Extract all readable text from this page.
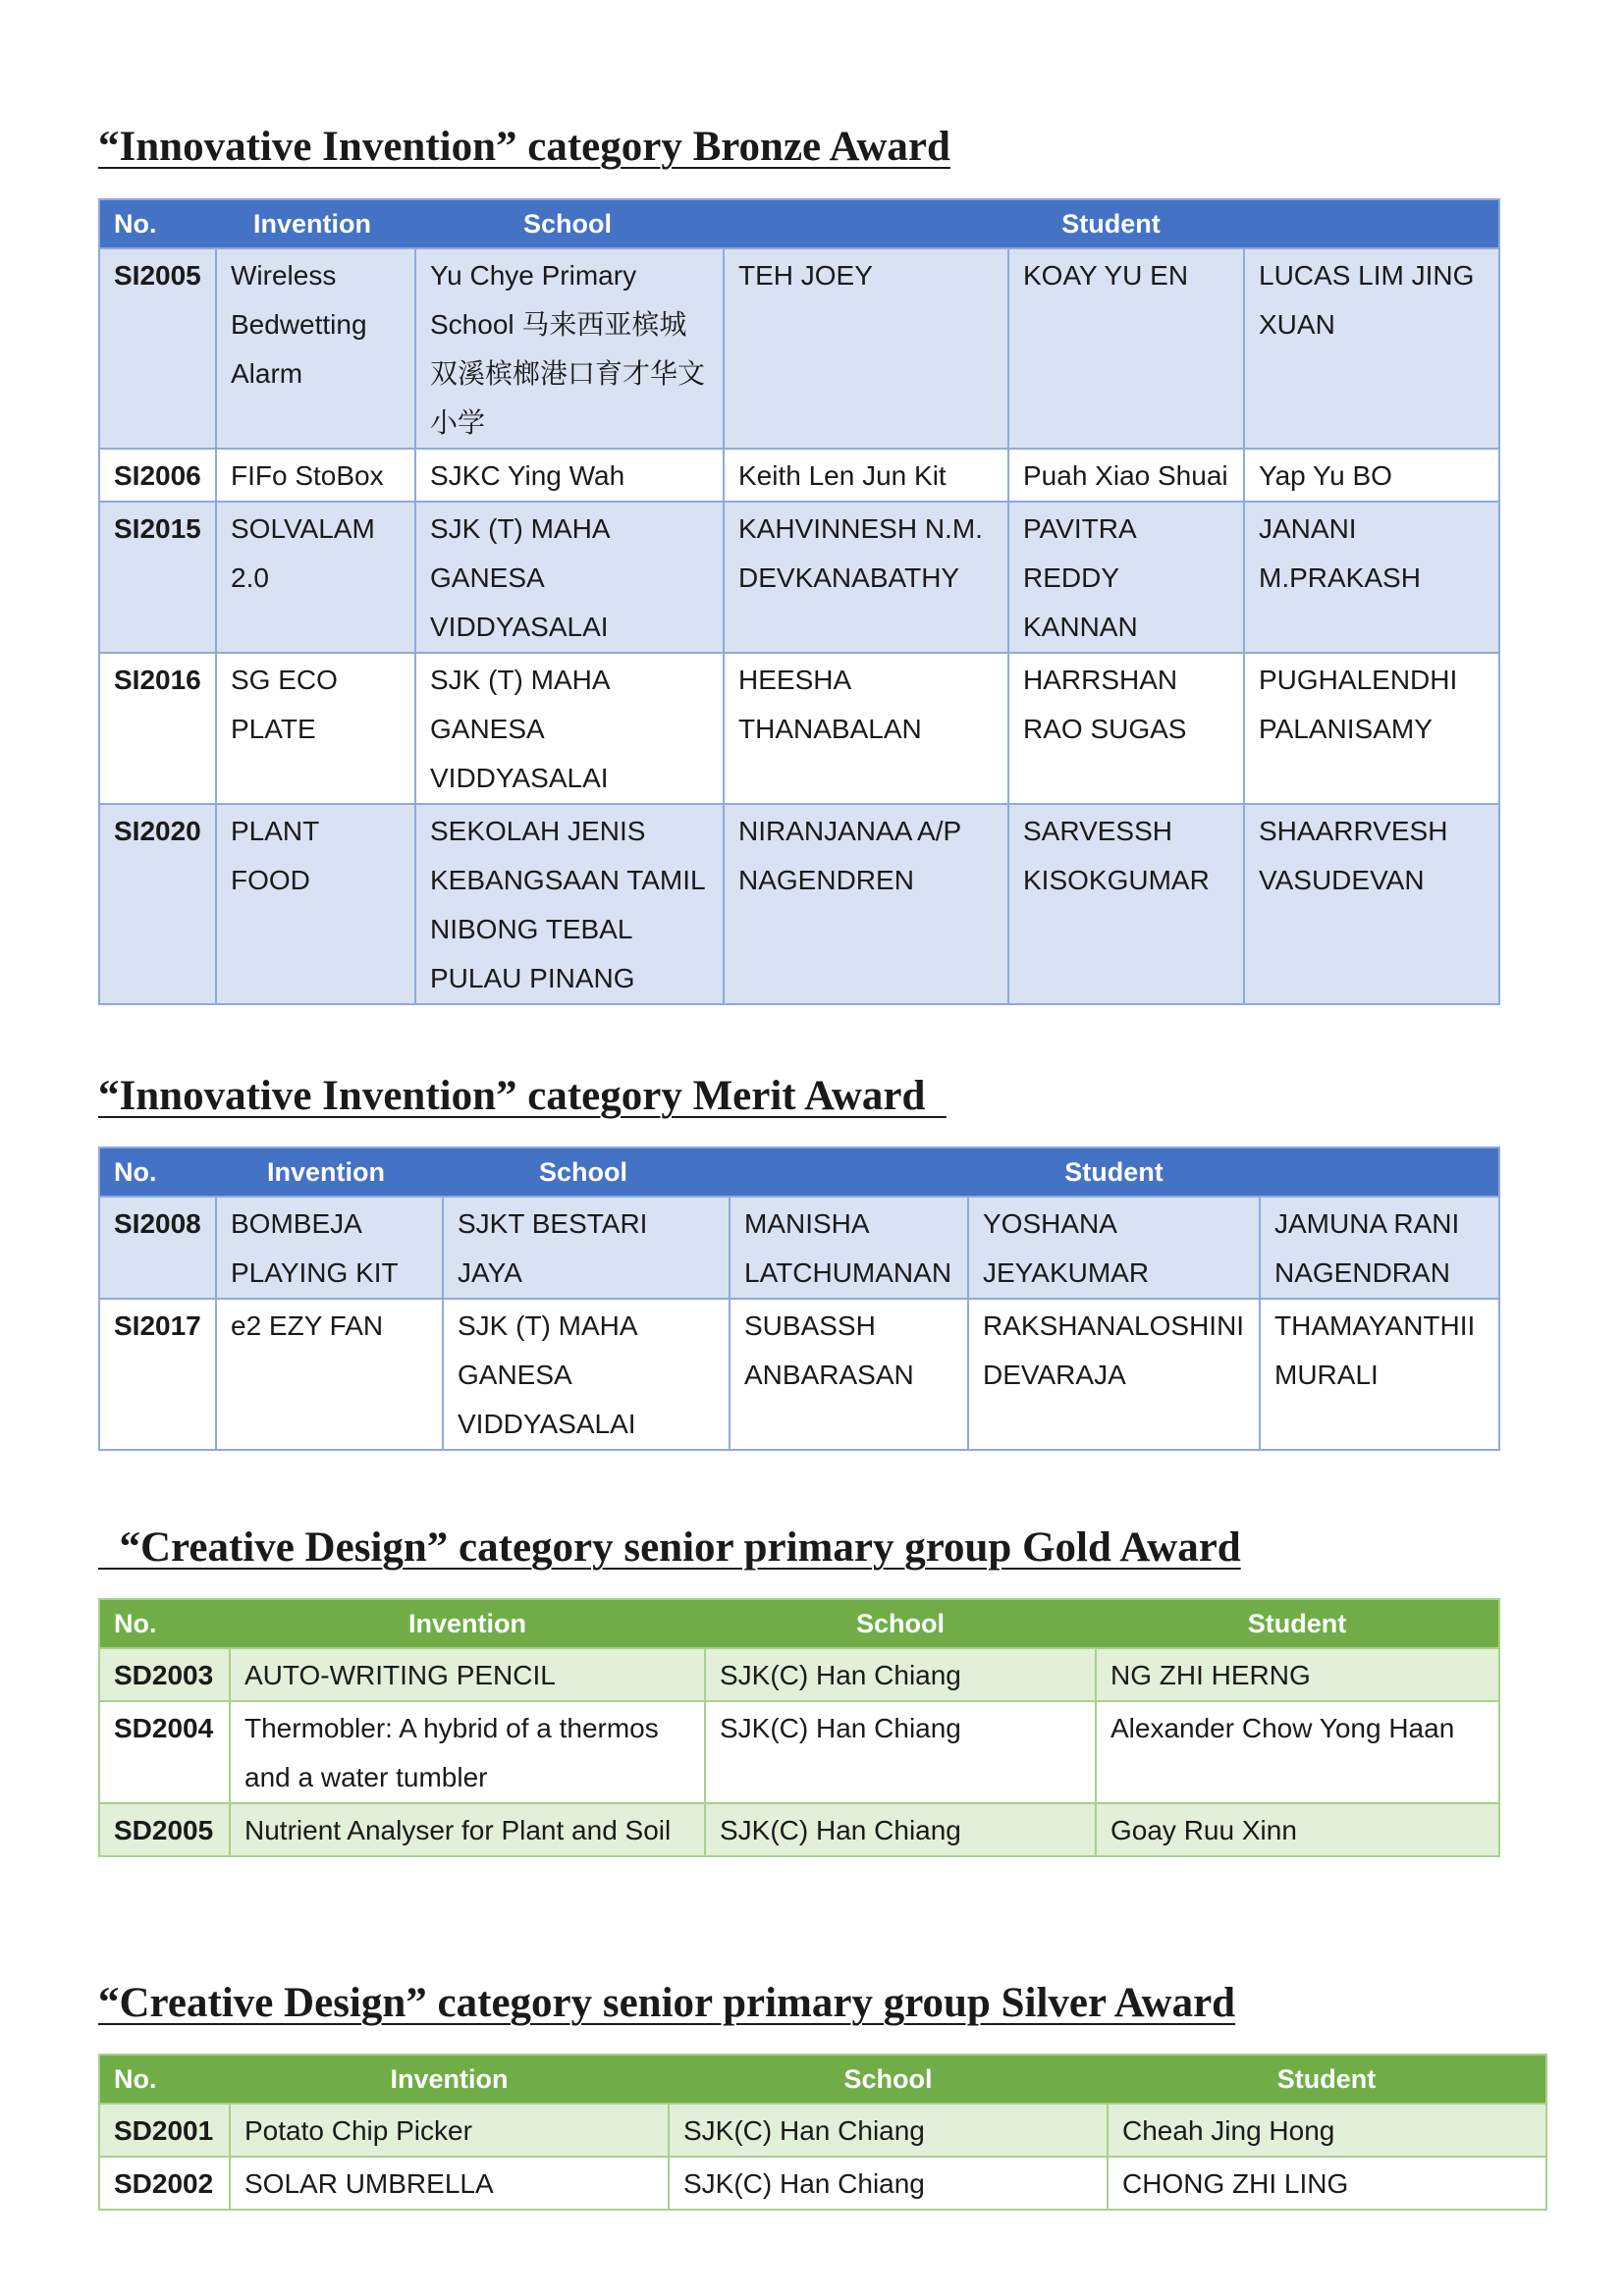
“Innovative Invention” category Bronze Award
No.	Invention	School	Student		
SI2005	Wireless Bedwetting Alarm	Yu Chye Primary School 马来西亚槟城双溪槟榔港口育才华文小学	TEH JOEY	KOAY YU EN	LUCAS LIM JING XUAN
SI2006	FIFo StoBox	SJKC Ying Wah	Keith Len Jun Kit	Puah Xiao Shuai	Yap Yu BO
SI2015	SOLVALAM 2.0	SJK (T) MAHA GANESA VIDDYASALAI	KAHVINNESH N.M. DEVKANABATHY	PAVITRA REDDY KANNAN	JANANI M.PRAKASH
SI2016	SG ECO PLATE	SJK (T) MAHA GANESA VIDDYASALAI	HEESHA THANABALAN	HARRSHAN RAO SUGAS	PUGHALENDHI PALANISAMY
SI2020	PLANT FOOD	SEKOLAH JENIS KEBANGSAAN TAMIL NIBONG TEBAL PULAU PINANG	NIRANJANAA A/P NAGENDREN	SARVESSH KISOKGUMAR	SHAARRVESH VASUDEVAN
“Innovative Invention” category Merit Award
No.	Invention	School	Student		
SI2008	BOMBEJA PLAYING KIT	SJKT BESTARI JAYA	MANISHA LATCHUMANAN	YOSHANA JEYAKUMAR	JAMUNA RANI NAGENDRAN
SI2017	e2 EZY FAN	SJK (T) MAHA GANESA VIDDYASALAI	SUBASSH ANBARASAN	RAKSHANALOSHINI DEVARAJA	THAMAYANTHII MURALI
“Creative Design” category senior primary group Gold Award
No.	Invention	School	Student
SD2003	AUTO-WRITING PENCIL	SJK(C) Han Chiang	NG ZHI HERNG
SD2004	Thermobler: A hybrid of a thermos and a water tumbler	SJK(C) Han Chiang	Alexander Chow Yong Haan
SD2005	Nutrient Analyser for Plant and Soil	SJK(C) Han Chiang	Goay Ruu Xinn
“Creative Design” category senior primary group Silver Award
No.	Invention	School	Student
SD2001	Potato Chip Picker	SJK(C) Han Chiang	Cheah Jing Hong
SD2002	SOLAR UMBRELLA	SJK(C) Han Chiang	CHONG ZHI LING
